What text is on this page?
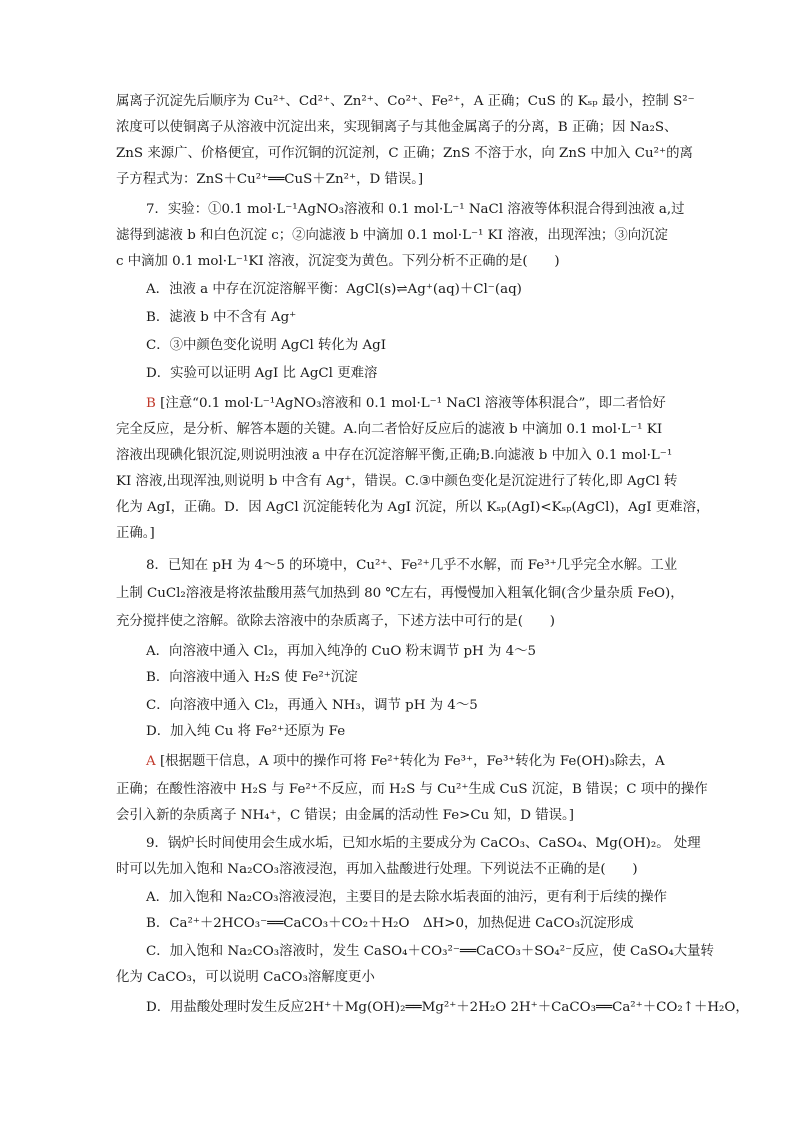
属离子沉淀先后顺序为 Cu²⁺、Cd²⁺、Zn²⁺、Co²⁺、Fe²⁺，A 正确；CuS 的 Kₛₚ 最小，控制 S²⁻
浓度可以使铜离子从溶液中沉淀出来，实现铜离子与其他金属离子的分离，B 正确；因 Na₂S、
ZnS 来源广、价格便宜，可作沉铜的沉淀剂，C 正确；ZnS 不溶于水，向 ZnS 中加入 Cu²⁺的离
子方程式为：ZnS＋Cu²⁺══CuS＋Zn²⁺，D 错误。]
7．实验：①0.1 mol·L⁻¹AgNO₃溶液和 0.1 mol·L⁻¹ NaCl 溶液等体积混合得到浊液 a,过
滤得到滤液 b 和白色沉淀 c；②向滤液 b 中滴加 0.1 mol·L⁻¹ KI 溶液，出现浑浊；③向沉淀
c 中滴加 0.1 mol·L⁻¹KI 溶液，沉淀变为黄色。下列分析不正确的是(　　)
A．浊液 a 中存在沉淀溶解平衡：AgCl(s)⇌Ag⁺(aq)＋Cl⁻(aq)
B．滤液 b 中不含有 Ag⁺
C．③中颜色变化说明 AgCl 转化为 AgI
D．实验可以证明 AgI 比 AgCl 更难溶
B [注意“0.1 mol·L⁻¹AgNO₃溶液和 0.1 mol·L⁻¹ NaCl 溶液等体积混合”，即二者恰好
完全反应，是分析、解答本题的关键。A.向二者恰好反应后的滤液 b 中滴加 0.1 mol·L⁻¹ KI
溶液出现碘化银沉淀,则说明浊液 a 中存在沉淀溶解平衡,正确;B.向滤液 b 中加入 0.1 mol·L⁻¹
KI 溶液,出现浑浊,则说明 b 中含有 Ag⁺，错误。C.③中颜色变化是沉淀进行了转化,即 AgCl 转
化为 AgI，正确。D．因 AgCl 沉淀能转化为 AgI 沉淀，所以 Kₛₚ(AgI)<Kₛₚ(AgCl)，AgI 更难溶，
正确。]
8．已知在 pH 为 4～5 的环境中，Cu²⁺、Fe²⁺几乎不水解，而 Fe³⁺几乎完全水解。工业
上制 CuCl₂溶液是将浓盐酸用蒸气加热到 80 ℃左右，再慢慢加入粗氧化铜(含少量杂质 FeO)，
充分搅拌使之溶解。欲除去溶液中的杂质离子，下述方法中可行的是(　　)
A．向溶液中通入 Cl₂，再加入纯净的 CuO 粉末调节 pH 为 4～5
B．向溶液中通入 H₂S 使 Fe²⁺沉淀
C．向溶液中通入 Cl₂，再通入 NH₃，调节 pH 为 4～5
D．加入纯 Cu 将 Fe²⁺还原为 Fe
A [根据题干信息，A 项中的操作可将 Fe²⁺转化为 Fe³⁺，Fe³⁺转化为 Fe(OH)₃除去，A
正确；在酸性溶液中 H₂S 与 Fe²⁺不反应，而 H₂S 与 Cu²⁺生成 CuS 沉淀，B 错误；C 项中的操作
会引入新的杂质离子 NH₄⁺，C 错误；由金属的活动性 Fe>Cu 知，D 错误。]
9．锅炉长时间使用会生成水垢，已知水垢的主要成分为 CaCO₃、CaSO₄、Mg(OH)₂。 处理
时可以先加入饱和 Na₂CO₃溶液浸泡，再加入盐酸进行处理。下列说法不正确的是(　　)
A．加入饱和 Na₂CO₃溶液浸泡，主要目的是去除水垢表面的油污，更有利于后续的操作
B．Ca²⁺＋2HCO₃⁻══CaCO₃＋CO₂＋H₂O　ΔH>0，加热促进 CaCO₃沉淀形成
C．加入饱和 Na₂CO₃溶液时，发生 CaSO₄＋CO₃²⁻══CaCO₃＋SO₄²⁻反应，使 CaSO₄大量转
化为 CaCO₃，可以说明 CaCO₃溶解度更小
D．用盐酸处理时发生反应2H⁺＋Mg(OH)₂══Mg²⁺＋2H₂O 2H⁺＋CaCO₃══Ca²⁺＋CO₂↑＋H₂O，
